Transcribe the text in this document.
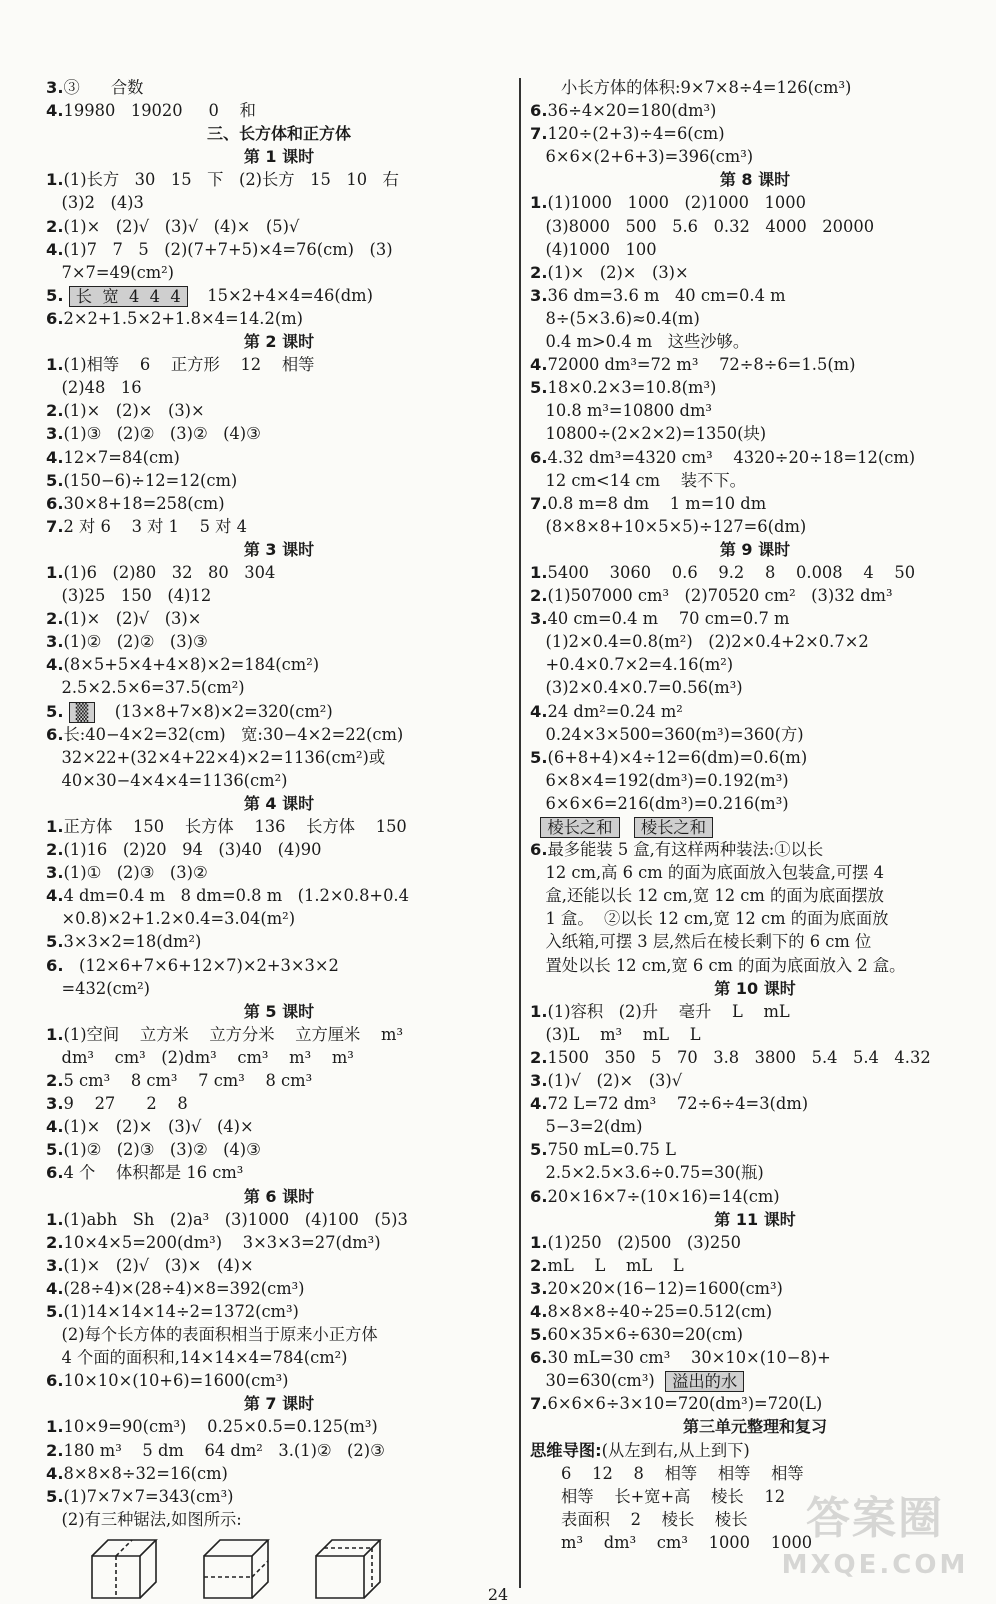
3.③      合数
4.19980   19020     0    和
三、长方体和正方体
第 1 课时
1.(1)长方   30   15   下   (2)长方   15   10   右
(3)2   (4)3
2.(1)×   (2)√   (3)√   (4)×   (5)√
4.(1)7   7   5   (2)(7+7+5)×4=76(cm)   (3)
7×7=49(cm²)
5. 长  宽  4  4  4   15×2+4×4=46(dm)
6.2×2+1.5×2+1.8×4=14.2(m)
第 2 课时
1.(1)相等    6    正方形    12    相等
(2)48   16
2.(1)×   (2)×   (3)×
3.(1)③   (2)②   (3)②   (4)③
4.12×7=84(cm)
5.(150−6)÷12=12(cm)
6.30×8+18=258(cm)
7.2 对 6    3 对 1    5 对 4
第 3 课时
1.(1)6   (2)80   32   80   304
(3)25   150   (4)12
2.(1)×   (2)√   (3)×
3.(1)②   (2)②   (3)③
4.(8×5+5×4+4×8)×2=184(cm²)
2.5×2.5×6=37.5(cm²)
5. ▒   (13×8+7×8)×2=320(cm²)
6.长:40−4×2=32(cm)   宽:30−4×2=22(cm)
32×22+(32×4+22×4)×2=1136(cm²)或
40×30−4×4×4=1136(cm²)
第 4 课时
1.正方体    150    长方体    136    长方体    150
2.(1)16   (2)20   94   (3)40   (4)90
3.(1)①   (2)③   (3)②
4.4 dm=0.4 m   8 dm=0.8 m   (1.2×0.8+0.4
×0.8)×2+1.2×0.4=3.04(m²)
5.3×3×2=18(dm²)
6.   (12×6+7×6+12×7)×2+3×3×2
=432(cm²)
第 5 课时
1.(1)空间    立方米    立方分米    立方厘米    m³
dm³    cm³   (2)dm³    cm³    m³    m³
2.5 cm³    8 cm³    7 cm³    8 cm³
3.9    27      2    8
4.(1)×   (2)×   (3)√   (4)×
5.(1)②   (2)③   (3)②   (4)③
6.4 个    体积都是 16 cm³
第 6 课时
1.(1)abh   Sh   (2)a³   (3)1000   (4)100   (5)3
2.10×4×5=200(dm³)    3×3×3=27(dm³)
3.(1)×   (2)√   (3)×   (4)×
4.(28÷4)×(28÷4)×8=392(cm³)
5.(1)14×14×14÷2=1372(cm³)
(2)每个长方体的表面积相当于原来小正方体
4 个面的面积和,14×14×4=784(cm²)
6.10×10×(10+6)=1600(cm³)
第 7 课时
1.10×9=90(cm³)    0.25×0.5=0.125(m³)
2.180 m³    5 dm    64 dm²   3.(1)②   (2)③
4.8×8×8÷32=16(cm)
5.(1)7×7×7=343(cm³)
(2)有三种锯法,如图所示:
小长方体的体积:9×7×8÷4=126(cm³)
6.36÷4×20=180(dm³)
7.120÷(2+3)÷4=6(cm)
6×6×(2+6+3)=396(cm³)
第 8 课时
1.(1)1000   1000   (2)1000   1000
(3)8000   500   5.6   0.32   4000   20000
(4)1000   100
2.(1)×   (2)×   (3)×
3.36 dm=3.6 m   40 cm=0.4 m
8÷(5×3.6)≈0.4(m)
0.4 m>0.4 m   这些沙够。
4.72000 dm³=72 m³    72÷8÷6=1.5(m)
5.18×0.2×3=10.8(m³)
10.8 m³=10800 dm³
10800÷(2×2×2)=1350(块)
6.4.32 dm³=4320 cm³    4320÷20÷18=12(cm)
12 cm<14 cm    装不下。
7.0.8 m=8 dm    1 m=10 dm
(8×8×8+10×5×5)÷127=6(dm)
第 9 课时
1.5400    3060    0.6    9.2    8    0.008    4    50
2.(1)507000 cm³   (2)70520 cm²   (3)32 dm³
3.40 cm=0.4 m    70 cm=0.7 m
(1)2×0.4=0.8(m²)   (2)2×0.4+2×0.7×2
+0.4×0.7×2=4.16(m²)
(3)2×0.4×0.7=0.56(m³)
4.24 dm²=0.24 m²
0.24×3×500=360(m³)=360(方)
5.(6+8+4)×4÷12=6(dm)=0.6(m)
6×8×4=192(dm³)=0.192(m³)
6×6×6=216(dm³)=0.216(m³)
棱长之和 棱长之和
6.最多能装 5 盒,有这样两种装法:①以长
12 cm,高 6 cm 的面为底面放入包装盒,可摆 4
盒,还能以长 12 cm,宽 12 cm 的面为底面摆放
1 盒。  ②以长 12 cm,宽 12 cm 的面为底面放
入纸箱,可摆 3 层,然后在棱长剩下的 6 cm 位
置处以长 12 cm,宽 6 cm 的面为底面放入 2 盒。
第 10 课时
1.(1)容积   (2)升    毫升    L    mL
(3)L    m³    mL    L
2.1500   350   5   70   3.8   3800   5.4   5.4   4.32
3.(1)√   (2)×   (3)√
4.72 L=72 dm³    72÷6÷4=3(dm)
5−3=2(dm)
5.750 mL=0.75 L
2.5×2.5×3.6÷0.75=30(瓶)
6.20×16×7÷(10×16)=14(cm)
第 11 课时
1.(1)250   (2)500   (3)250
2.mL    L    mL    L
3.20×20×(16−12)=1600(cm³)
4.8×8×8÷40÷25=0.512(cm)
5.60×35×6÷630=20(cm)
6.30 mL=30 cm³    30×10×(10−8)+
30=630(cm³)  溢出的水
7.6×6×6÷3×10=720(dm³)=720(L)
第三单元整理和复习
思维导图:(从左到右,从上到下)
6    12    8    相等    相等    相等
相等    长+宽+高    棱长    12
表面积    2    棱长    棱长
m³    dm³    cm³    1000    1000
24
答案圈
MXQE.COM
